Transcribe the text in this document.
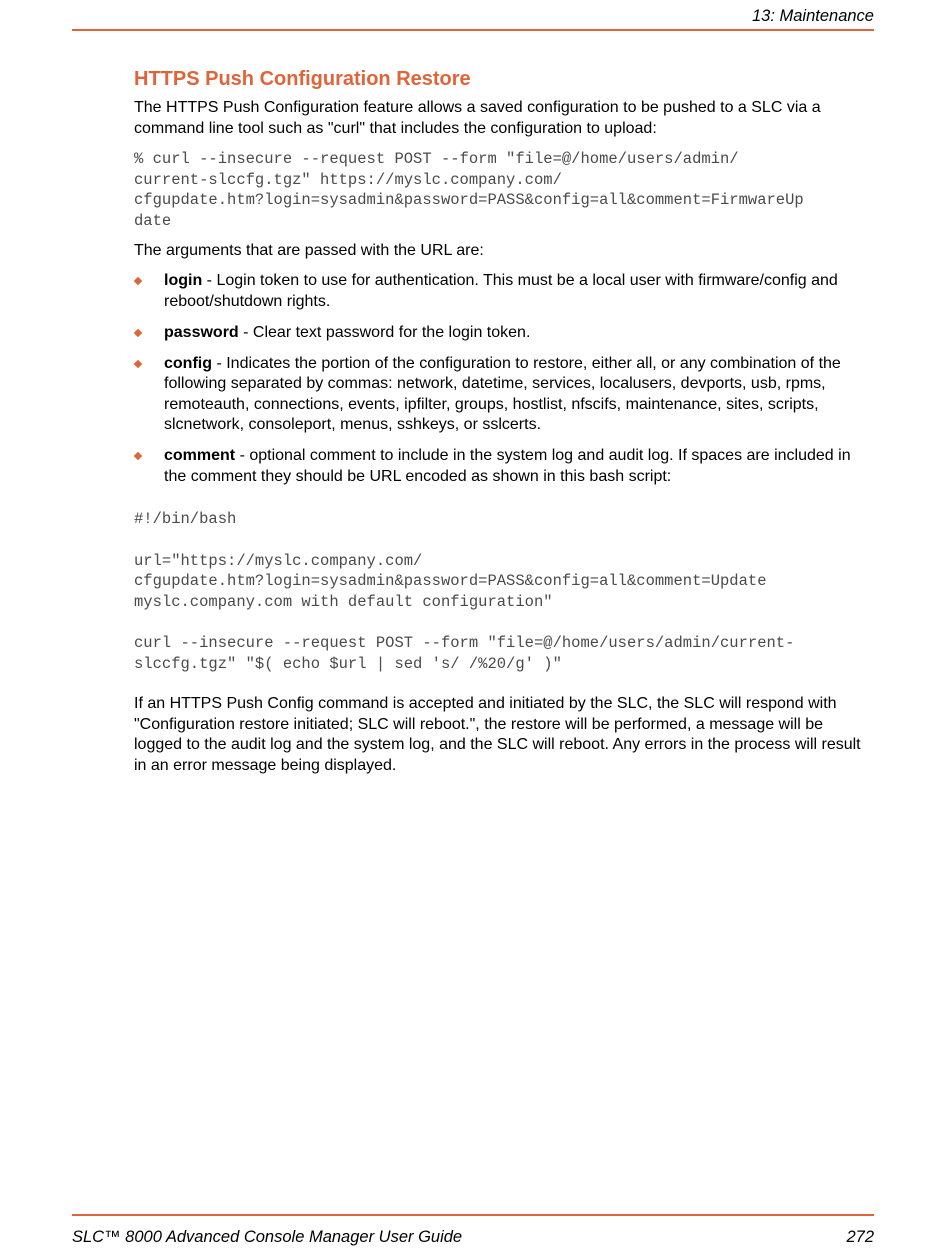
13: Maintenance
HTTPS Push Configuration Restore

The HTTPS Push Configuration feature allows a saved configuration to be pushed to a SLC via a command line tool such as "curl" that includes the configuration to upload:

% curl --insecure --request POST --form "file=@/home/users/admin/
current-slccfg.tgz" https://myslc.company.com/
cfgupdate.htm?login=sysadmin&password=PASS&config=all&comment=FirmwareUp
date

The arguments that are passed with the URL are:

login - Login token to use for authentication. This must be a local user with firmware/config and reboot/shutdown rights.
password - Clear text password for the login token.
config - Indicates the portion of the configuration to restore, either all, or any combination of the following separated by commas: network, datetime, services, localusers, devports, usb, rpms, remoteauth, connections, events, ipfilter, groups, hostlist, nfscifs, maintenance, sites, scripts, slcnetwork, consoleport, menus, sshkeys, or sslcerts.
comment - optional comment to include in the system log and audit log. If spaces are included in the comment they should be URL encoded as shown in this bash script:
#!/bin/bash

url="https://myslc.company.com/
cfgupdate.htm?login=sysadmin&password=PASS&config=all&comment=Update
myslc.company.com with default configuration"

curl --insecure --request POST --form "file=@/home/users/admin/current-
slccfg.tgz" "$( echo $url | sed 's/ /%20/g' )"

If an HTTPS Push Config command is accepted and initiated by the SLC, the SLC will respond with "Configuration restore initiated; SLC will reboot.", the restore will be performed, a message will be logged to the audit log and the system log, and the SLC will reboot. Any errors in the process will result in an error message being displayed.

SLC™ 8000 Advanced Console Manager User Guide	272
